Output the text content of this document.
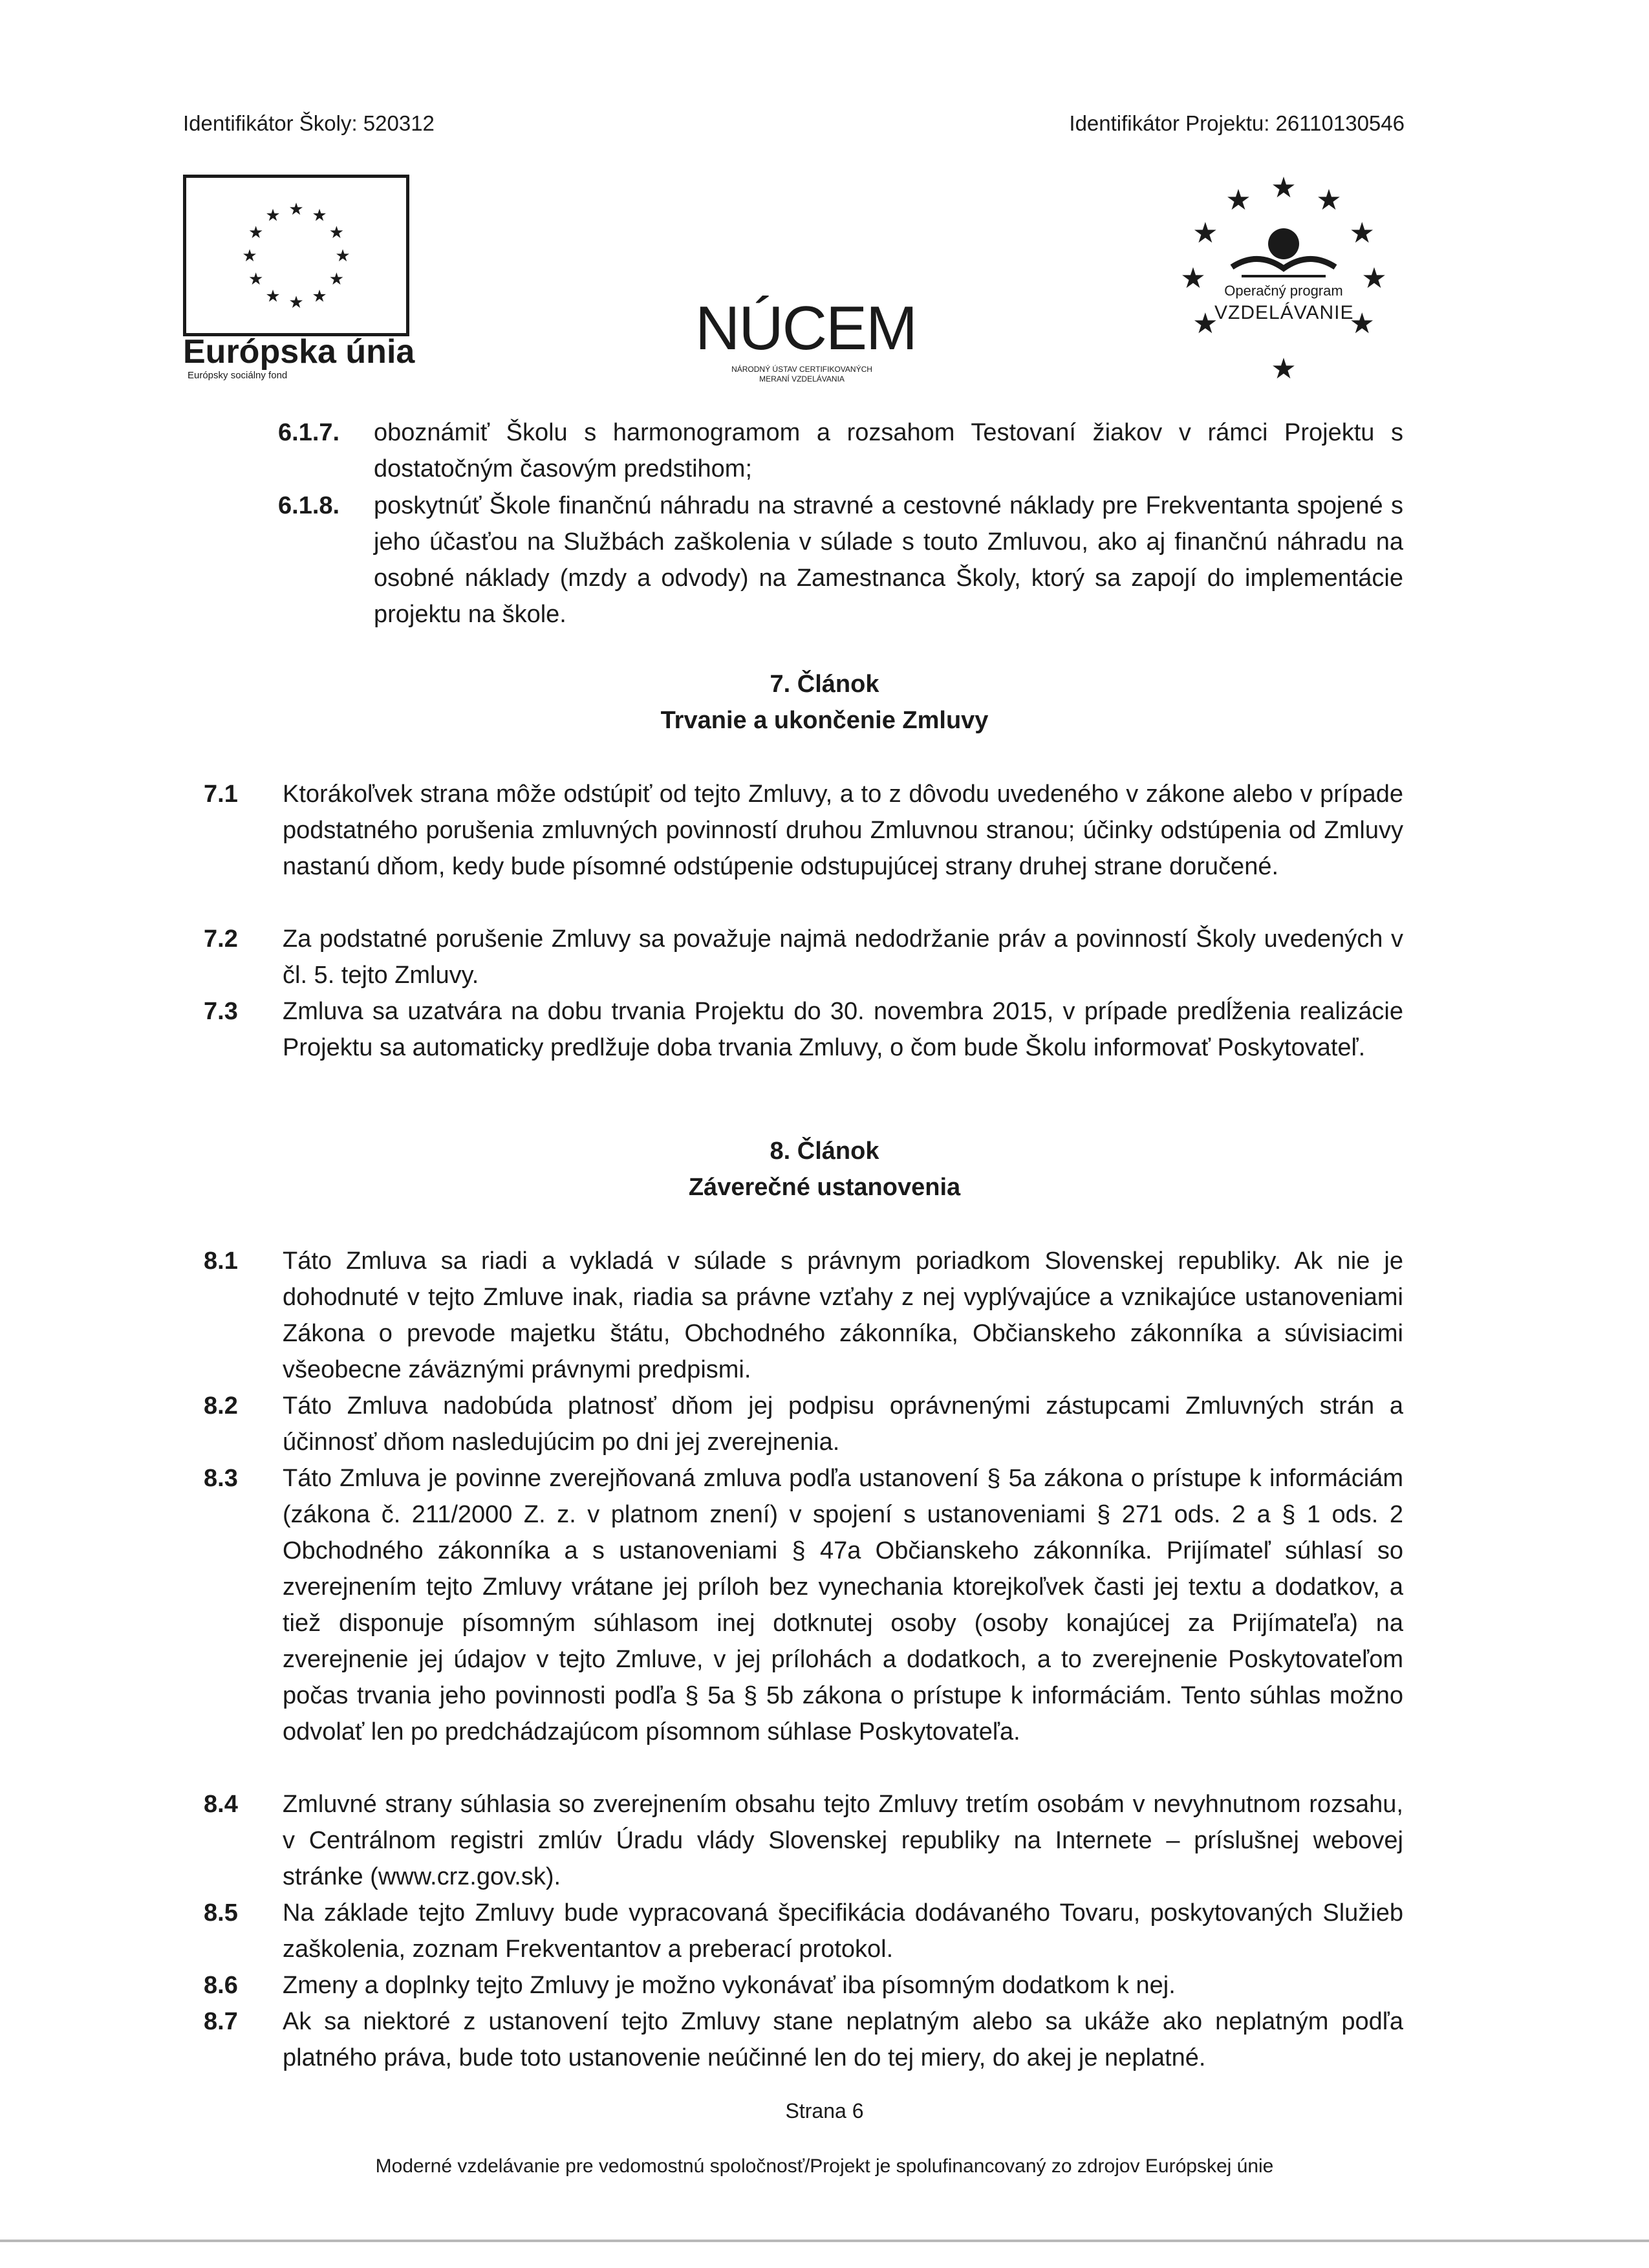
Identifikátor Školy: 520312	Identifikátor Projektu: 26110130546
★ ★
★
★
★
★
★
★
★
★
★
★
Európska únia
Európsky sociálny fond
NÚCEM
NÁRODNÝ ÚSTAV CERTIFIKOVANÝCH
MERANÍ VZDELÁVANIA
★ ★
★
★
★
★
★
★
★
★
Operačný program
VZDELÁVANIE
6.1.7. oboznámiť Školu s harmonogramom a rozsahom Testovaní žiakov v rámci Projektu s dostatočným časovým predstihom;
6.1.8. poskytnúť Škole finančnú náhradu na stravné a cestovné náklady pre Frekventanta spojené s jeho účasťou na Službách zaškolenia v súlade s touto Zmluvou, ako aj finančnú náhradu na osobné náklady (mzdy a odvody) na Zamestnanca Školy, ktorý sa zapojí do implementácie projektu na škole.
7. Článok
Trvanie a ukončenie Zmluvy
7.1 Ktorákoľvek strana môže odstúpiť od tejto Zmluvy, a to z dôvodu uvedeného v zákone alebo v prípade podstatného porušenia zmluvných povinností druhou Zmluvnou stranou; účinky odstúpenia od Zmluvy nastanú dňom, kedy bude písomné odstúpenie odstupujúcej strany druhej strane doručené.
7.2 Za podstatné porušenie Zmluvy sa považuje najmä nedodržanie práv a povinností Školy uvedených v čl. 5. tejto Zmluvy.
7.3 Zmluva sa uzatvára na dobu trvania Projektu do 30. novembra 2015, v prípade predĺženia realizácie Projektu sa automaticky predlžuje doba trvania Zmluvy, o čom bude Školu informovať Poskytovateľ.
8. Článok
Záverečné ustanovenia
8.1 Táto Zmluva sa riadi a vykladá v súlade s právnym poriadkom Slovenskej republiky. Ak nie je dohodnuté v tejto Zmluve inak, riadia sa právne vzťahy z nej vyplývajúce a vznikajúce ustanoveniami Zákona o prevode majetku štátu, Obchodného zákonníka, Občianskeho zákonníka a súvisiacimi všeobecne záväznými právnymi predpismi.
8.2 Táto Zmluva nadobúda platnosť dňom jej podpisu oprávnenými zástupcami Zmluvných strán a účinnosť dňom nasledujúcim po dni jej zverejnenia.
8.3 Táto Zmluva je povinne zverejňovaná zmluva podľa ustanovení § 5a zákona o prístupe k informáciám (zákona č. 211/2000 Z. z. v platnom znení) v spojení s ustanoveniami § 271 ods. 2 a § 1 ods. 2 Obchodného zákonníka a s ustanoveniami § 47a Občianskeho zákonníka. Prijímateľ súhlasí so zverejnením tejto Zmluvy vrátane jej príloh bez vynechania ktorejkoľvek časti jej textu a dodatkov, a tiež disponuje písomným súhlasom inej dotknutej osoby (osoby konajúcej za Prijímateľa) na zverejnenie jej údajov v tejto Zmluve, v jej prílohách a dodatkoch, a to zverejnenie Poskytovateľom počas trvania jeho povinnosti podľa § 5a § 5b zákona o prístupe k informáciám. Tento súhlas možno odvolať len po predchádzajúcom písomnom súhlase Poskytovateľa.
8.4 Zmluvné strany súhlasia so zverejnením obsahu tejto Zmluvy tretím osobám v nevyhnutnom rozsahu, v Centrálnom registri zmlúv Úradu vlády Slovenskej republiky na Internete – príslušnej webovej stránke (www.crz.gov.sk).
8.5 Na základe tejto Zmluvy bude vypracovaná špecifikácia dodávaného Tovaru, poskytovaných Služieb zaškolenia, zoznam Frekventantov a preberací protokol.
8.6 Zmeny a doplnky tejto Zmluvy je možno vykonávať iba písomným dodatkom k nej.
8.7 Ak sa niektoré z ustanovení tejto Zmluvy stane neplatným alebo sa ukáže ako neplatným podľa platného práva, bude toto ustanovenie neúčinné len do tej miery, do akej je neplatné.
Strana 6
Moderné vzdelávanie pre vedomostnú spoločnosť/Projekt je spolufinancovaný zo zdrojov Európskej únie
